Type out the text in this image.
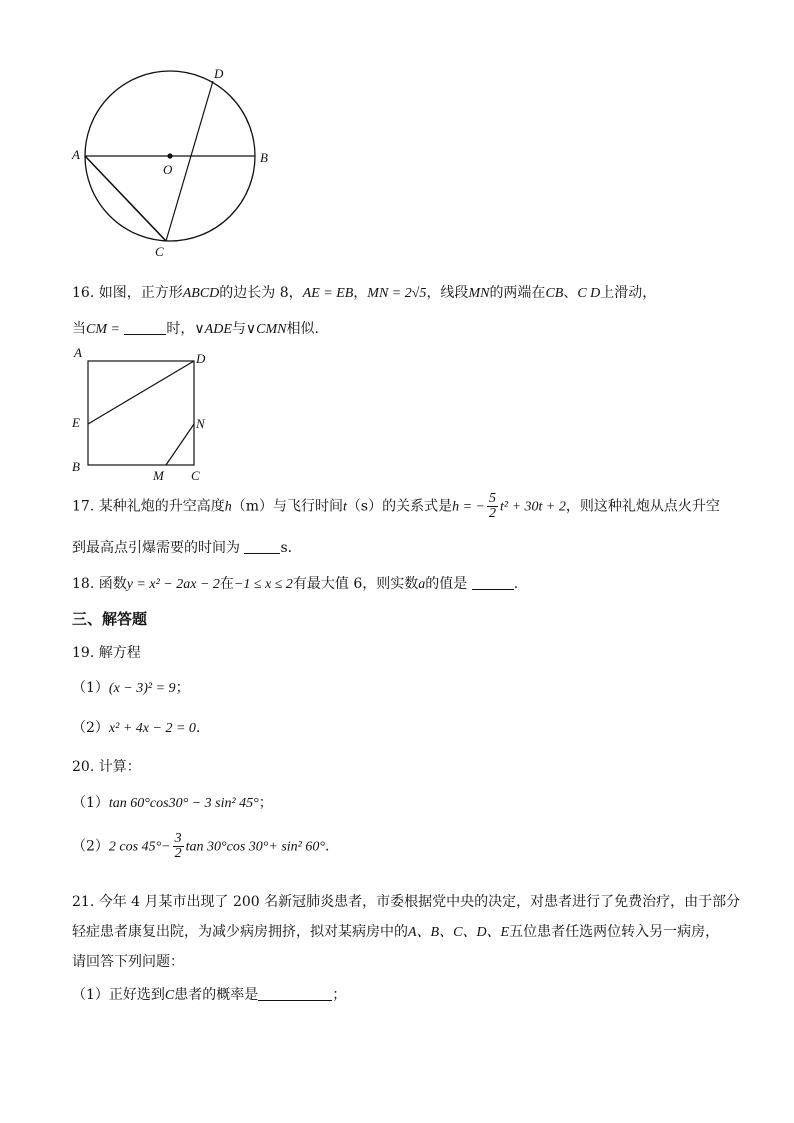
A	B
C
D
O
16. 如图，正方形ABCD的边长为 8，AE = EB，MN = 2√5，线段MN的两端在CB、C D上滑动，
当CM =	时，∨ADE与∨CMN相似.
A	D
E	N
B
M C
17. 某种礼炮的升空高度h（m）与飞行时间t（s）的关系式是h = − $\frac{5}{2} t^2 + 30t + 2$，则这种礼炮从点火升空
到最高点引爆需要的时间为	s.
18. 函数y = x² − 2ax − 2在−1 ≤ x ≤ 2有最大值 6，则实数a的值是	.
三、解答题
19. 解方程
（1）(x − 3)² = 9；
（2）x² + 4x − 2 = 0.
20. 计算：
（1）tan 60°cos30° − 3 sin² 45°；
（2）2 $\cos 45^\circ- \frac{3}{2}$ tan 30°cos 30°+ sin² 60°.
21. 今年 4 月某市出现了 200 名新冠肺炎患者，市委根据党中央的决定，对患者进行了免费治疗，由于部分
轻症患者康复出院，为减少病房拥挤，拟对某病房中的A、B、C、D、E五位患者任选两位转入另一病房，
请回答下列问题：
（1）正好选到C患者的概率是	；
